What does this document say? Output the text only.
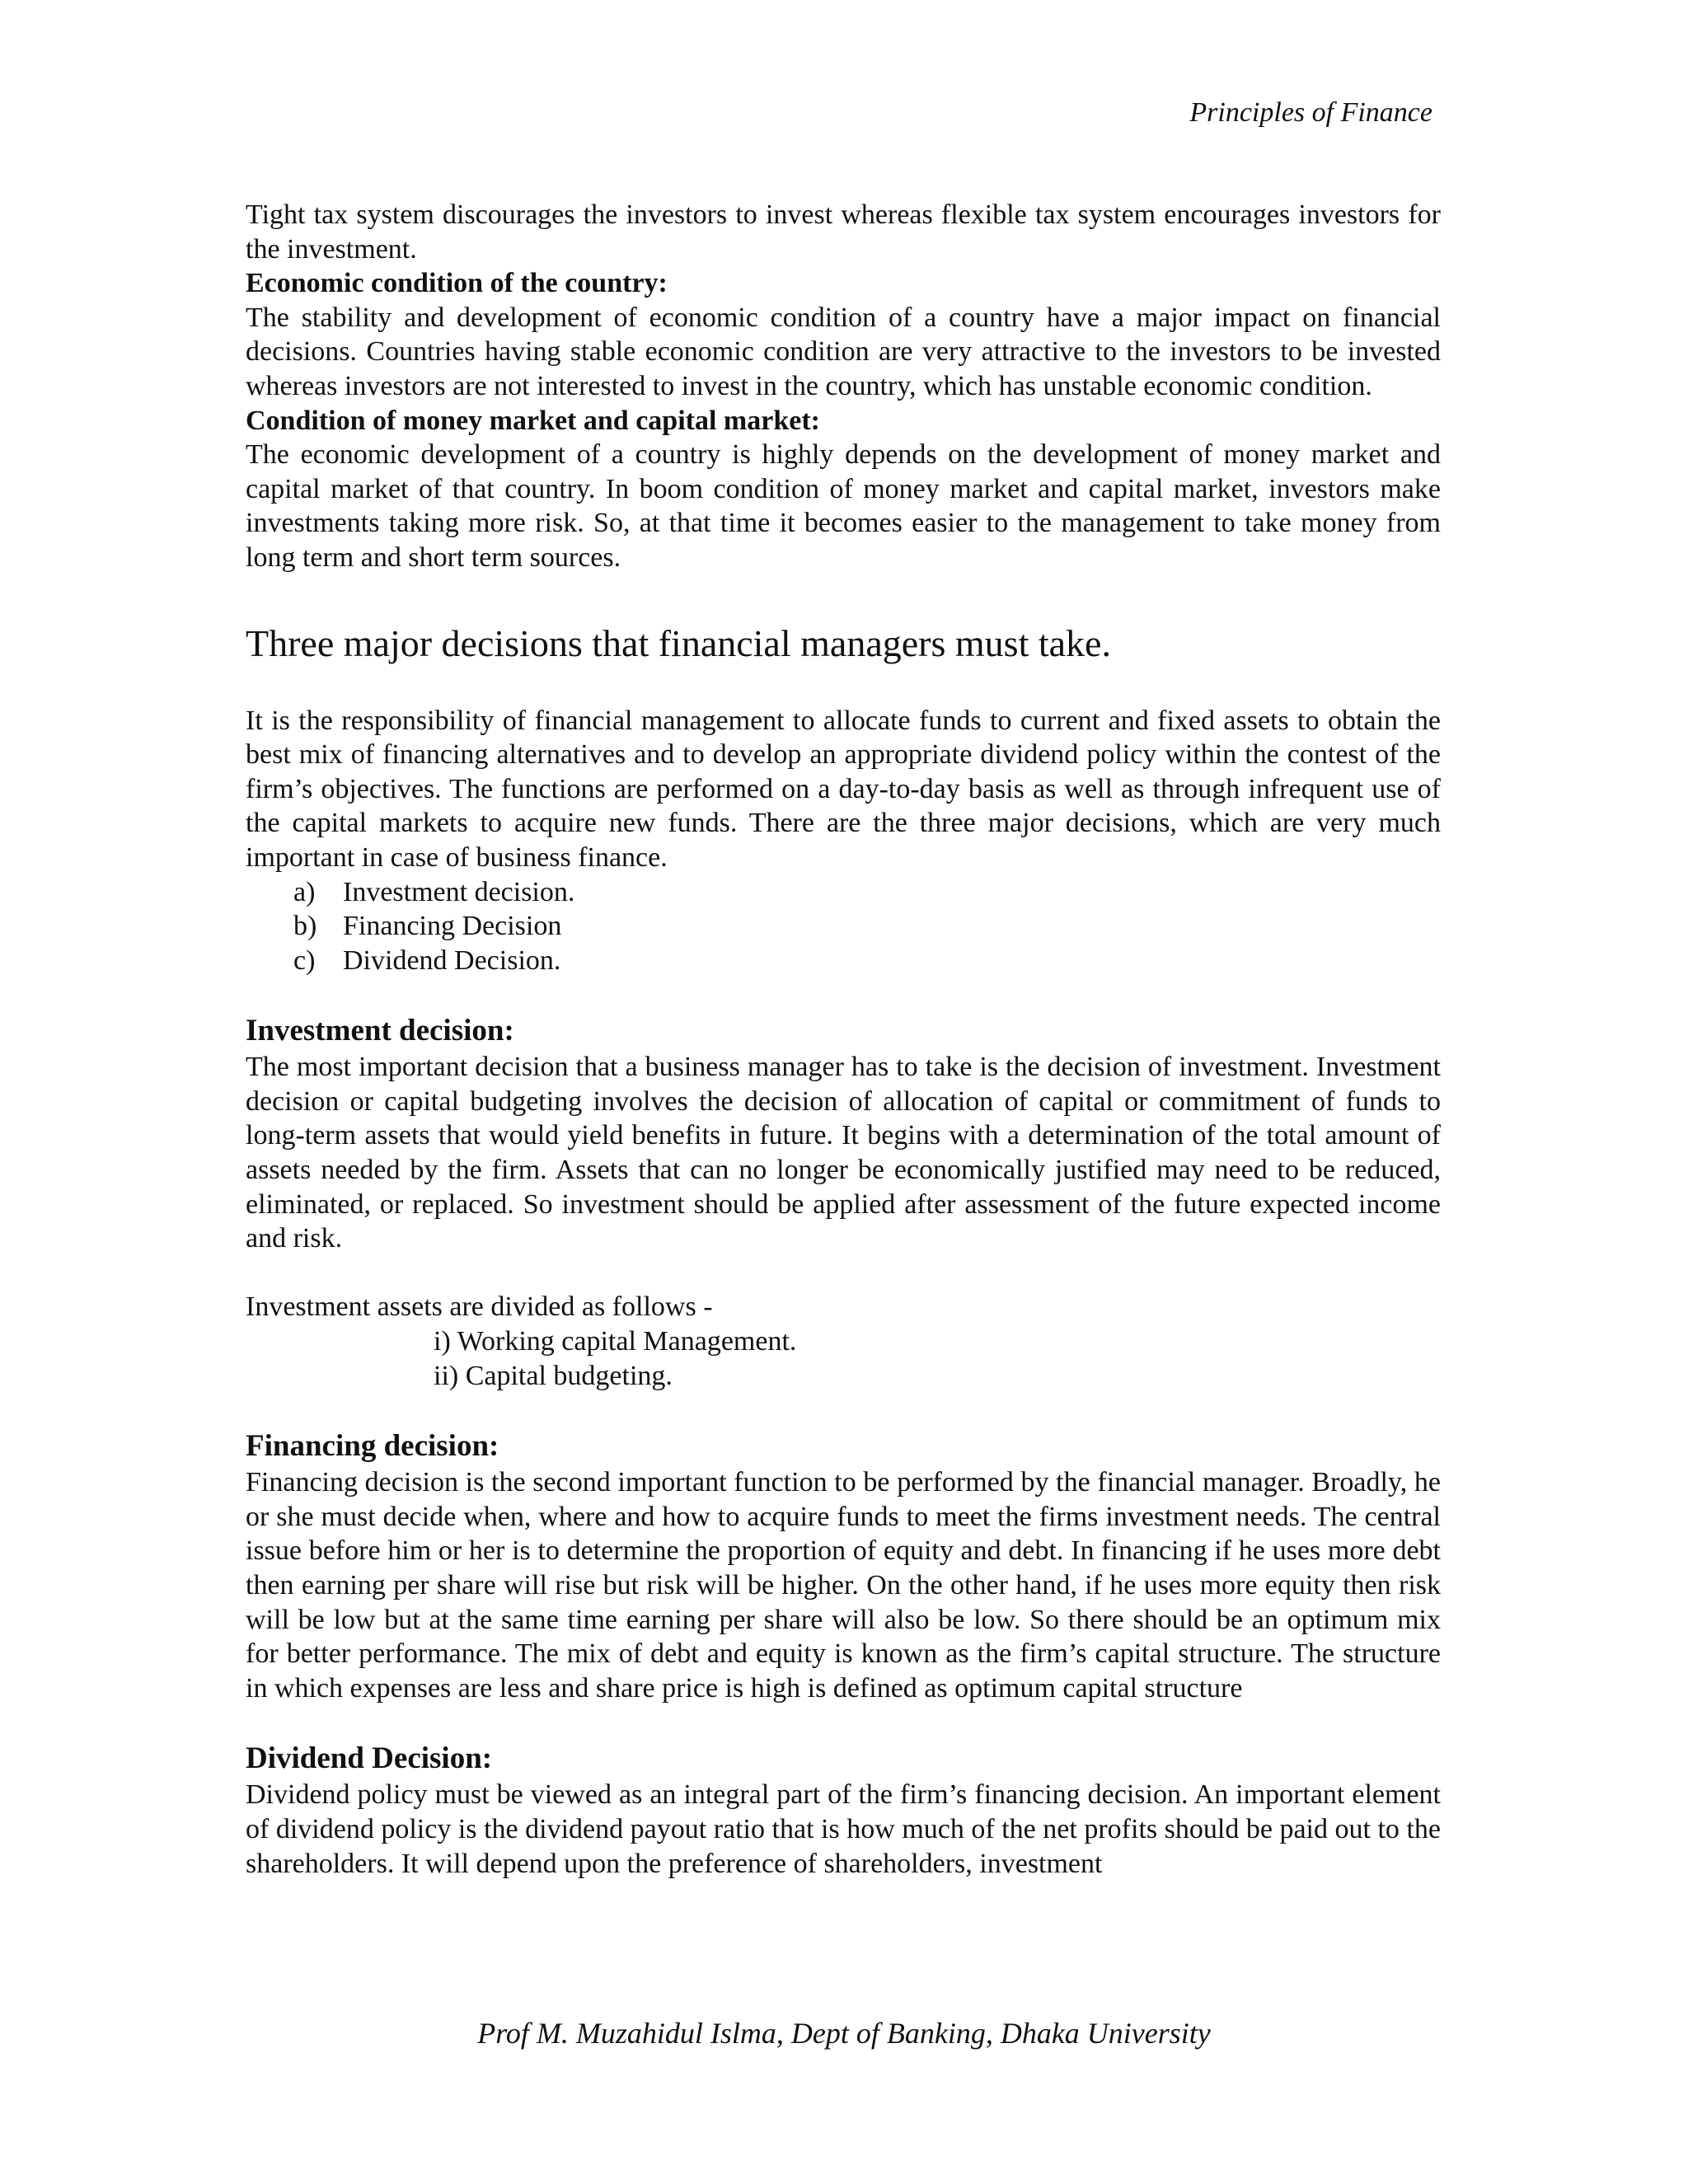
Principles of Finance

Tight tax system discourages the investors to invest whereas flexible tax system encourages investors for the investment.

Economic condition of the country:

The stability and development of economic condition of a country have a major impact on financial decisions. Countries having stable economic condition are very attractive to the investors to be invested whereas investors are not interested to invest in the country, which has unstable economic condition.

Condition of money market and capital market:

The economic development of a country is highly depends on the development of money market and capital market of that country. In boom condition of money market and capital market, investors make investments taking more risk. So, at that time it becomes easier to the management to take money from long term and short term sources.

Three major decisions that financial managers must take.

It is the responsibility of financial management to allocate funds to current and fixed assets to obtain the best mix of financing alternatives and to develop an appropriate dividend policy within the contest of the firm’s objectives. The functions are performed on a day-to-day basis as well as through infrequent use of the capital markets to acquire new funds. There are the three major decisions, which are very much important in case of business finance.

a) Investment decision.
b) Financing Decision
c) Dividend Decision.
Investment decision:

The most important decision that a business manager has to take is the decision of investment. Investment decision or capital budgeting involves the decision of allocation of capital or commitment of funds to long-term assets that would yield benefits in future. It begins with a determination of the total amount of assets needed by the firm. Assets that can no longer be economically justified may need to be reduced, eliminated, or replaced. So investment should be applied after assessment of the future expected income and risk.

Investment assets are divided as follows -

i) Working capital Management.
ii) Capital budgeting.
Financing decision:

Financing decision is the second important function to be performed by the financial manager. Broadly, he or she must decide when, where and how to acquire funds to meet the firms investment needs. The central issue before him or her is to determine the proportion of equity and debt. In financing if he uses more debt then earning per share will rise but risk will be higher. On the other hand, if he uses more equity then risk will be low but at the same time earning per share will also be low. So there should be an optimum mix for better performance. The mix of debt and equity is known as the firm’s capital structure. The structure in which expenses are less and share price is high is defined as optimum capital structure

Dividend Decision:

Dividend policy must be viewed as an integral part of the firm’s financing decision. An important element of dividend policy is the dividend payout ratio that is how much of the net profits should be paid out to the shareholders. It will depend upon the preference of shareholders, investment

Prof M. Muzahidul Islma, Dept of Banking, Dhaka University
